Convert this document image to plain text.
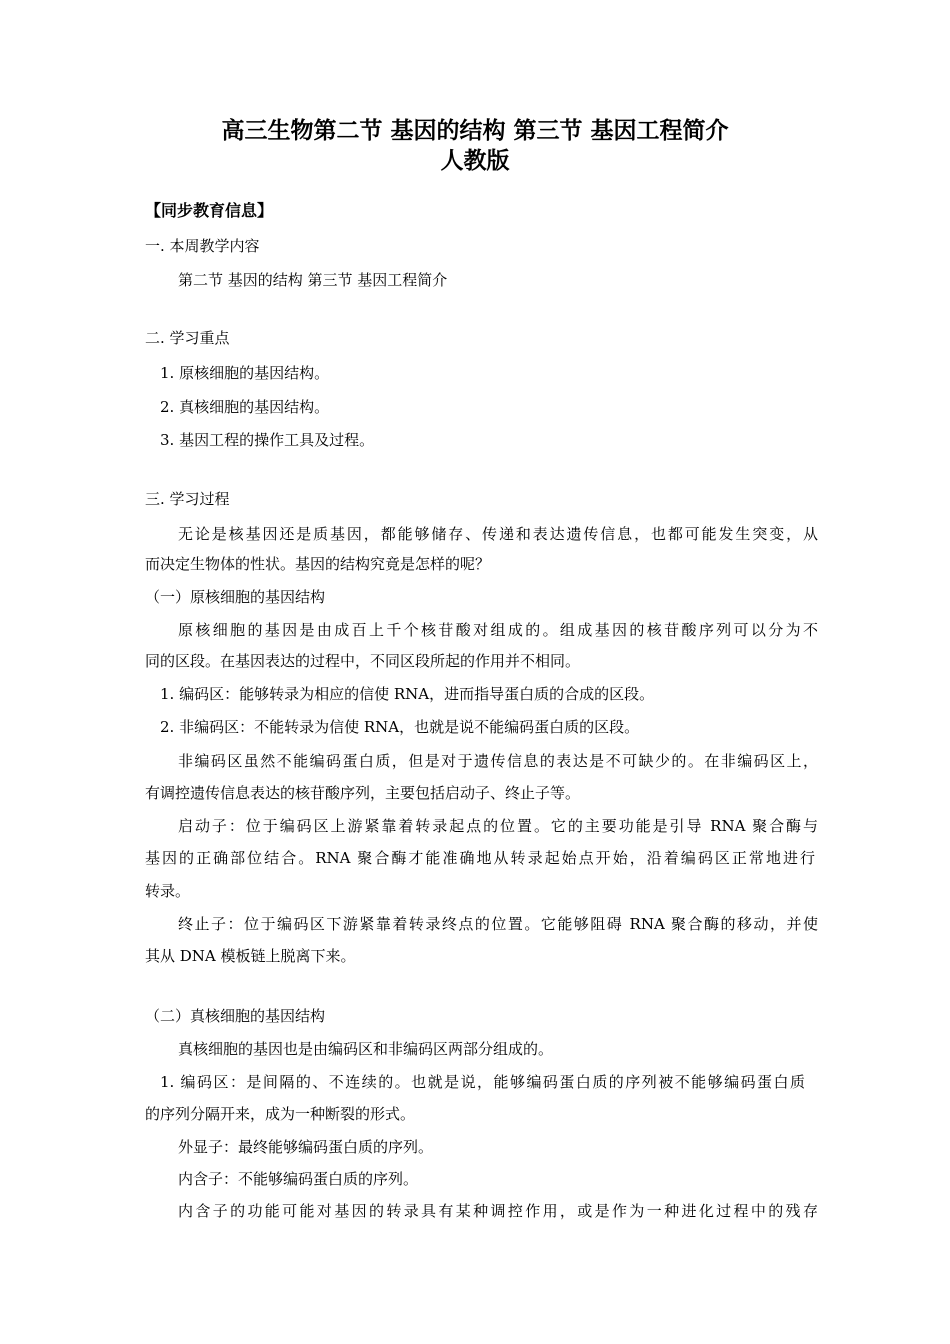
高三生物第二节 基因的结构 第三节 基因工程简介
人教版

【同步教育信息】

一. 本周教学内容

第二节 基因的结构 第三节 基因工程简介

二. 学习重点

1. 原核细胞的基因结构。

2. 真核细胞的基因结构。

3. 基因工程的操作工具及过程。

三. 学习过程

无论是核基因还是质基因，都能够储存、传递和表达遗传信息，也都可能发生突变，从

而决定生物体的性状。基因的结构究竟是怎样的呢？

（一）原核细胞的基因结构

原核细胞的基因是由成百上千个核苷酸对组成的。组成基因的核苷酸序列可以分为不

同的区段。在基因表达的过程中，不同区段所起的作用并不相同。

1. 编码区：能够转录为相应的信使 RNA，进而指导蛋白质的合成的区段。

2. 非编码区：不能转录为信使 RNA，也就是说不能编码蛋白质的区段。

非编码区虽然不能编码蛋白质，但是对于遗传信息的表达是不可缺少的。在非编码区上，

有调控遗传信息表达的核苷酸序列，主要包括启动子、终止子等。

启动子：位于编码区上游紧靠着转录起点的位置。它的主要功能是引导 RNA 聚合酶与

基因的正确部位结合。RNA 聚合酶才能准确地从转录起始点开始，沿着编码区正常地进行

转录。

终止子：位于编码区下游紧靠着转录终点的位置。它能够阻碍 RNA 聚合酶的移动，并使

其从 DNA 模板链上脱离下来。

（二）真核细胞的基因结构

真核细胞的基因也是由编码区和非编码区两部分组成的。

1. 编码区：是间隔的、不连续的。也就是说，能够编码蛋白质的序列被不能够编码蛋白质

的序列分隔开来，成为一种断裂的形式。

外显子：最终能够编码蛋白质的序列。

内含子：不能够编码蛋白质的序列。

内含子的功能可能对基因的转录具有某种调控作用，或是作为一种进化过程中的残存
